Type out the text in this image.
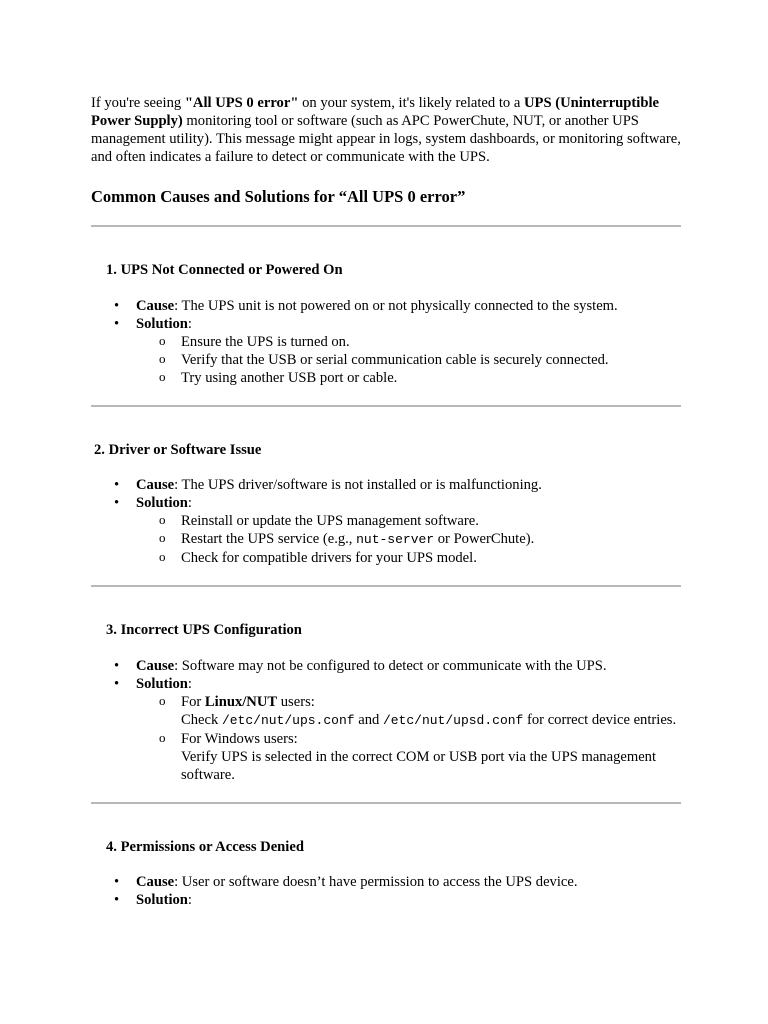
If you're seeing "All UPS 0 error" on your system, it's likely related to a UPS (Uninterruptible Power Supply) monitoring tool or software (such as APC PowerChute, NUT, or another UPS management utility). This message might appear in logs, system dashboards, or monitoring software, and often indicates a failure to detect or communicate with the UPS.

Common Causes and Solutions for “All UPS 0 error”
1. UPS Not Connected or Powered On
• Cause: The UPS unit is not powered on or not physically connected to the system.
• Solution:
o Ensure the UPS is turned on.
o Verify that the USB or serial communication cable is securely connected.
o Try using another USB port or cable.
2. Driver or Software Issue
• Cause: The UPS driver/software is not installed or is malfunctioning.
• Solution:
o Reinstall or update the UPS management software.
o Restart the UPS service (e.g., nut-server or PowerChute).
o Check for compatible drivers for your UPS model.
3. Incorrect UPS Configuration
• Cause: Software may not be configured to detect or communicate with the UPS.
• Solution:
o For Linux/NUT users:
Check /etc/nut/ups.conf and /etc/nut/upsd.conf for correct device entries.
o For Windows users:
Verify UPS is selected in the correct COM or USB port via the UPS management software.
4. Permissions or Access Denied
• Cause: User or software doesn’t have permission to access the UPS device.
• Solution:
